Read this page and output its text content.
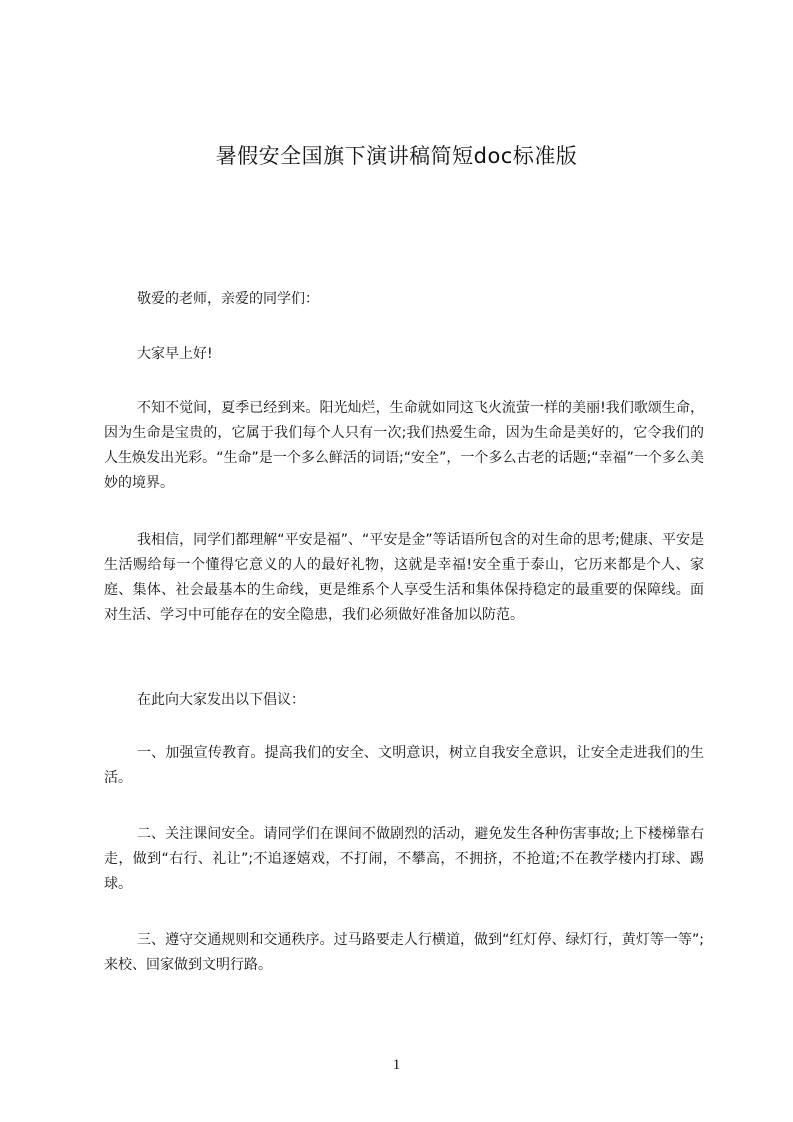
暑假安全国旗下演讲稿简短doc标准版

敬爱的老师，亲爱的同学们：

大家早上好!

不知不觉间，夏季已经到来。阳光灿烂，生命就如同这飞火流萤一样的美丽!我们歌颂生命，因为生命是宝贵的，它属于我们每个人只有一次;我们热爱生命，因为生命是美好的，它令我们的人生焕发出光彩。“生命”是一个多么鲜活的词语;“安全”，一个多么古老的话题;“幸福”一个多么美妙的境界。

我相信，同学们都理解“平安是福”、“平安是金”等话语所包含的对生命的思考;健康、平安是生活赐给每一个懂得它意义的人的最好礼物，这就是幸福!安全重于泰山，它历来都是个人、家庭、集体、社会最基本的生命线，更是维系个人享受生活和集体保持稳定的最重要的保障线。面对生活、学习中可能存在的安全隐患，我们必须做好准备加以防范。

在此向大家发出以下倡议：

一、加强宣传教育。提高我们的安全、文明意识，树立自我安全意识，让安全走进我们的生活。

二、关注课间安全。请同学们在课间不做剧烈的活动，避免发生各种伤害事故;上下楼梯靠右走，做到“右行、礼让”;不追逐嬉戏，不打闹，不攀高，不拥挤，不抢道;不在教学楼内打球、踢球。

三、遵守交通规则和交通秩序。过马路要走人行横道，做到“红灯停、绿灯行，黄灯等一等”;来校、回家做到文明行路。

1
